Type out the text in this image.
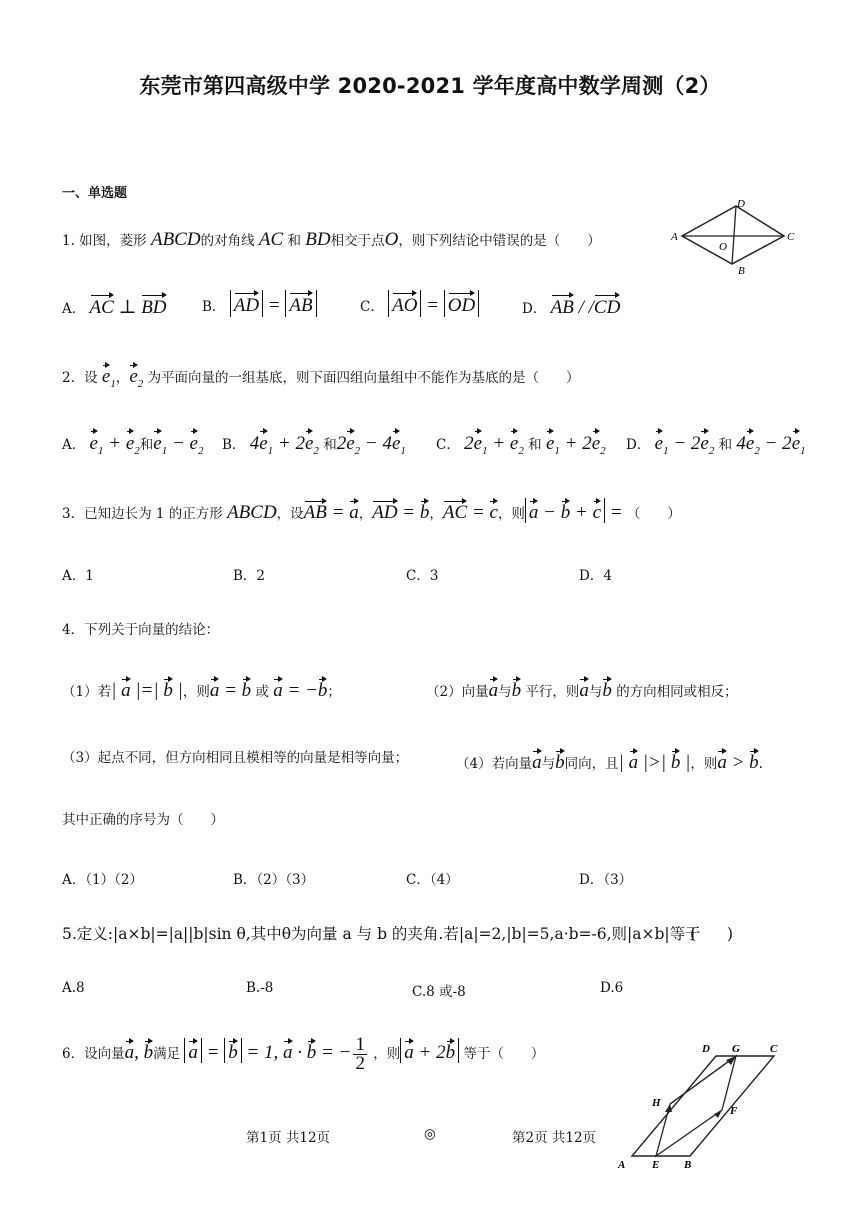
东莞市第四高级中学 2020-2021 学年度高中数学周测（2）
一、单选题
1. 如图，菱形 ABCD的对角线 AC 和 BD相交于点O，则下列结论中错误的是（　　）	A
B
C
D
O
A． AC ⊥ BD	B． AD = AB	C． AO = OD	D． AB / /CD
2．设 $e_1$，$e_2$ 为平面向量的一组基底，则下面四组向量组中不能作为基底的是（　　）
A． $e_1 + e_2$和$e_1 - e_2$ B． $4e_1 + 2e_2$ 和$2e_2 - 4e_1$ C． $2e_1 + e_2$ 和 $e_1 + 2e_2$ D． $e_1 - 2e_2$ 和 $4e_2 - 2e_1$
3．已知边长为 1 的正方形 ABCD，设AB = a，AD = b，AC = c，则 a − b + c = （　　）
A．1	B．2	C．3	D．4
4．下列关于向量的结论：
（1）若| a |=| b |，则a = b 或 a = −b；	（2）向量a与b 平行，则a与b 的方向相同或相反；
（3）起点不同，但方向相同且模相等的向量是相等向量；	（4）若向量a与b同向，且| a |>| b |，则a > b.
其中正确的序号为（　　）
A．（1）（2）	B．（2）（3）	C．（4）	D．（3）
5.定义:|a×b|=|a||b|sin θ,其中θ为向量 a 与 b 的夹角.若|a|=2,|b|=5,a·b=-6,则|a×b|等于
(　　)
A.8	B.-8	C.8 或-8	D.6
6．设向量a, b满足 a = b = 1, a · b = − $\frac{1}{2}$ ，则 a + 2b 等于（　　）	D G	C
H
F
A E B
第1页 共12页	◎	第2页 共12页
